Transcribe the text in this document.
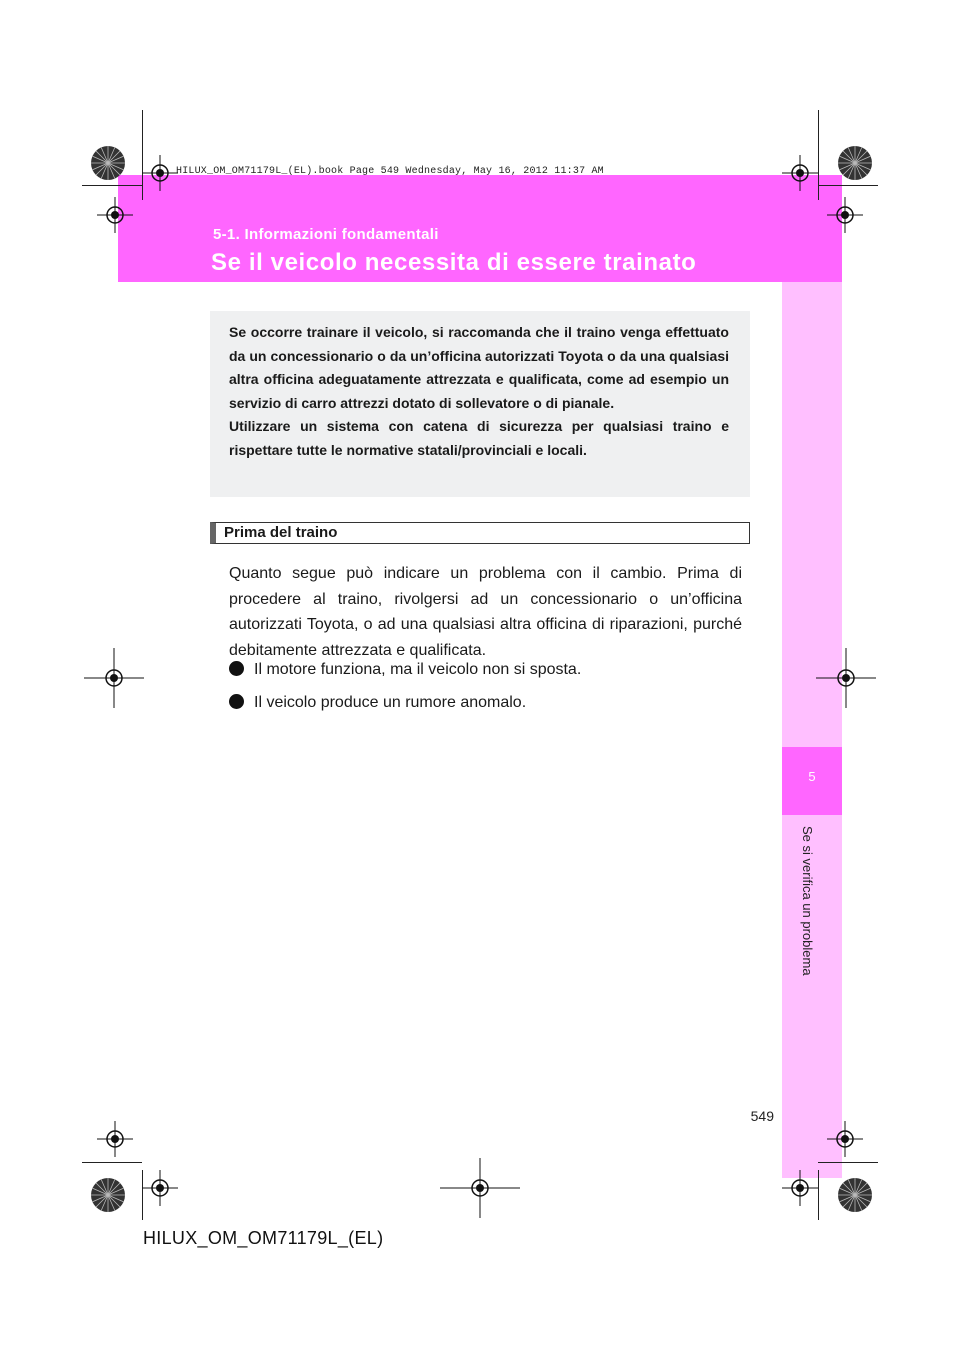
HILUX_OM_OM71179L_(EL).book Page 549 Wednesday, May 16, 2012 11:37 AM
5-1. Informazioni fondamentali
Se il veicolo necessita di essere trainato
5
Se si verifica un problema
Se occorre trainare il veicolo, si raccomanda che il traino venga effettuato da un concessionario o da un’officina autorizzati Toyota o da una qualsiasi altra officina adeguatamente attrezzata e qualificata, come ad esempio un servizio di carro attrezzi dotato di sollevatore o di pianale.
Utilizzare un sistema con catena di sicurezza per qualsiasi traino e rispettare tutte le normative statali/provinciali e locali.
Prima del traino
Quanto segue può indicare un problema con il cambio. Prima di procedere al traino, rivolgersi ad un concessionario o un’officina autorizzati Toyota, o ad una qualsiasi altra officina di riparazioni, purché debitamente attrezzata e qualificata.
Il motore funziona, ma il veicolo non si sposta.
Il veicolo produce un rumore anomalo.
549
HILUX_OM_OM71179L_(EL)
